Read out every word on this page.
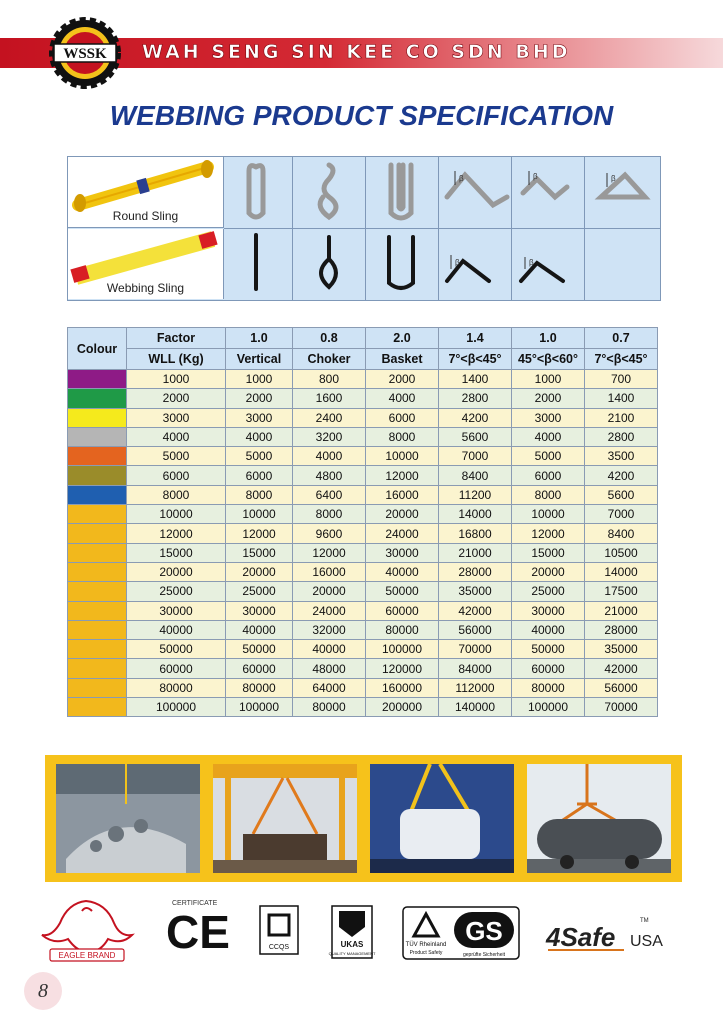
WSSK WAH SENG SIN KEE CO SDN BHD
WEBBING PRODUCT SPECIFICATION
Round Sling
Webbing Sling
β	β	β
β	β
Colour	Factor	1.0	0.8	2.0	1.4	1.0	0.7
	WLL (Kg)	Vertical	Choker	Basket	7°<β<45°	45°<β<60°	7°<β<45°
	1000	1000	800	2000	1400	1000	700
	2000	2000	1600	4000	2800	2000	1400
	3000	3000	2400	6000	4200	3000	2100
	4000	4000	3200	8000	5600	4000	2800
	5000	5000	4000	10000	7000	5000	3500
	6000	6000	4800	12000	8400	6000	4200
	8000	8000	6400	16000	11200	8000	5600
	10000	10000	8000	20000	14000	10000	7000
	12000	12000	9600	24000	16800	12000	8400
	15000	15000	12000	30000	21000	15000	10500
	20000	20000	16000	40000	28000	20000	14000
	25000	25000	20000	50000	35000	25000	17500
	30000	30000	24000	60000	42000	30000	21000
	40000	40000	32000	80000	56000	40000	28000
	50000	50000	40000	100000	70000	50000	35000
	60000	60000	48000	120000	84000	60000	42000
	80000	80000	64000	160000	112000	80000	56000
	100000	100000	80000	200000	140000	100000	70000
CERTIFICATE
EAGLE BRAND CE	CCQS	UKAS
QUALITY MANAGEMENT
TÜV Rheinland
Product Safety
GS
geprüfte Sicherheit
4Safe USA
TM
8
